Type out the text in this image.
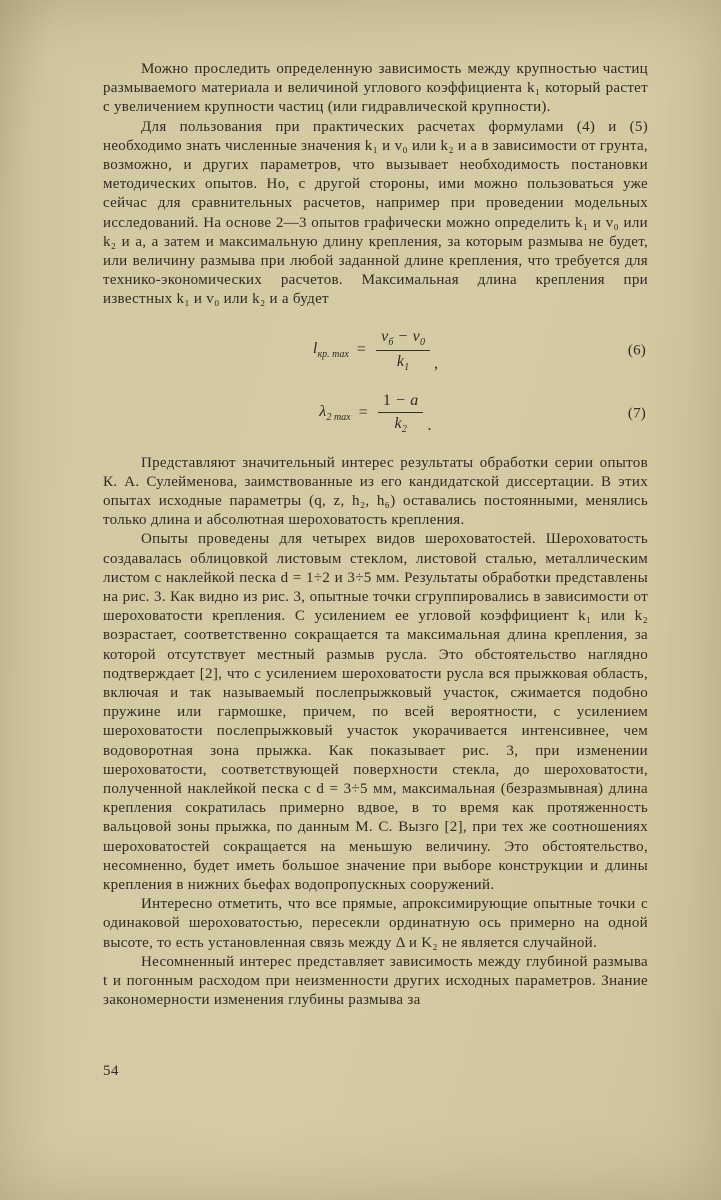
Можно проследить определенную зависимость между крупностью частиц размываемого материала и величиной углового коэффициента k₁ который растет с увеличением крупности частиц (или гидравлической крупности).

Для пользования при практических расчетах формулами (4) и (5) необходимо знать численные значения k₁ и v₀ или k₂ и a в зависимости от грунта, возможно, и других параметров, что вызывает необходимость постановки методических опытов. Но, с другой стороны, ими можно пользоваться уже сейчас для сравнительных расчетов, например при проведении модельных исследований. На основе 2—3 опытов графически можно определить k₁ и v₀ или k₂ и a, а затем и максимальную длину крепления, за которым размыва не будет, или величину размыва при любой заданной длине крепления, что требуется для технико-экономических расчетов. Максимальная длина крепления при известных k₁ и v₀ или k₂ и a будет

$l_{кр. max} = \frac{v_б - v_0}{k_1}$ ,
(6)
$\lambda_{2 max} = \frac{1 - a}{k_2}$ .
(7)

Представляют значительный интерес результаты обработки серии опытов К. А. Сулейменова, заимствованные из его кандидатской диссертации. В этих опытах исходные параметры (q, z, h₂, h₆) оставались постоянными, менялись только длина и абсолютная шероховатость крепления.

Опыты проведены для четырех видов шероховатостей. Шероховатость создавалась облицовкой листовым стеклом, листовой сталью, металлическим листом с наклейкой песка d = 1÷2 и 3÷5 мм. Результаты обработки представлены на рис. 3. Как видно из рис. 3, опытные точки сгруппировались в зависимости от шероховатости крепления. С усилением ее угловой коэффициент k₁ или k₂ возрастает, соответственно сокращается та максимальная длина крепления, за которой отсутствует местный размыв русла. Это обстоятельство наглядно подтверждает [2], что с усилением шероховатости русла вся прыжковая область, включая и так называемый послепрыжковый участок, сжимается подобно пружине или гармошке, причем, по всей вероятности, с усилением шероховатости послепрыжковый участок укорачивается интенсивнее, чем водоворотная зона прыжка. Как показывает рис. 3, при изменении шероховатости, соответствующей поверхности стекла, до шероховатости, полученной наклейкой песка с d = 3÷5 мм, максимальная (безразмывная) длина крепления сократилась примерно вдвое, в то время как протяженность вальцовой зоны прыжка, по данным М. С. Вызго [2], при тех же соотношениях шероховатостей сокращается на меньшую величину. Это обстоятельство, несомненно, будет иметь большое значение при выборе конструкции и длины крепления в нижних бьефах водопропускных сооружений.

Интересно отметить, что все прямые, апроксимирующие опытные точки с одинаковой шероховатостью, пересекли ординатную ось примерно на одной высоте, то есть установленная связь между Δ и K₂ не является случайной.

Несомненный интерес представляет зависимость между глубиной размыва t и погонным расходом при неизменности других исходных параметров. Знание закономерности изменения глубины размыва за

54
